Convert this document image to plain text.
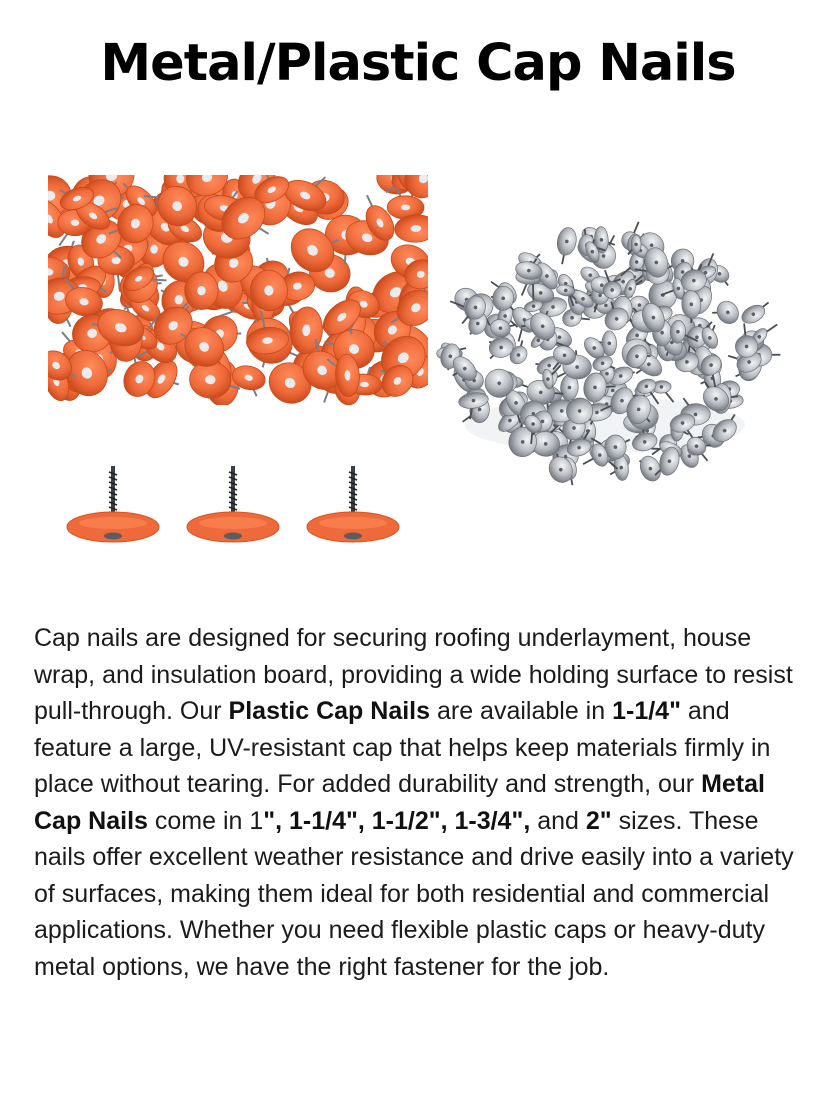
Metal/Plastic Cap Nails

Cap nails are designed for securing roofing underlayment, house wrap, and insulation board, providing a wide holding surface to resist pull-through. Our Plastic Cap Nails are available in 1-1/4" and feature a large, UV-resistant cap that helps keep materials firmly in place without tearing. For added durability and strength, our Metal Cap Nails come in 1", 1-1/4", 1-1/2", 1-3/4", and 2" sizes. These nails offer excellent weather resistance and drive easily into a variety of surfaces, making them ideal for both residential and commercial applications. Whether you need flexible plastic caps or heavy-duty metal options, we have the right fastener for the job.
